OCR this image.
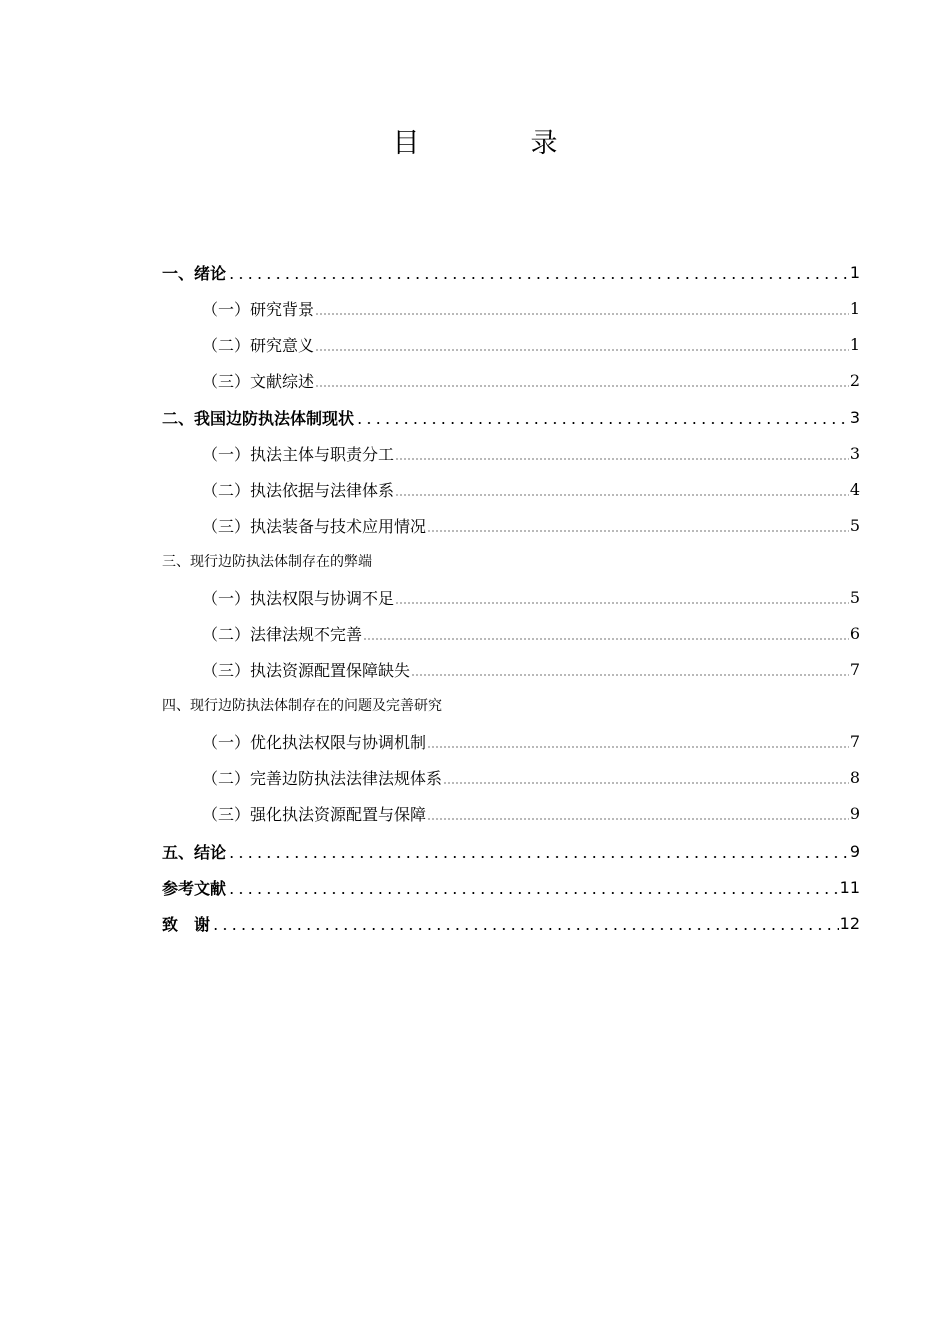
目　录
一、绪论	1
（一）研究背景	1
（二）研究意义	1
（三）文献综述	2
二、我国边防执法体制现状	3
（一）执法主体与职责分工	3
（二）执法依据与法律体系	4
（三）执法装备与技术应用情况	5
三、现行边防执法体制存在的弊端
（一）执法权限与协调不足	5
（二）法律法规不完善	6
（三）执法资源配置保障缺失	7
四、现行边防执法体制存在的问题及完善研究
（一）优化执法权限与协调机制	7
（二）完善边防执法法律法规体系	8
（三）强化执法资源配置与保障	9
五、结论	9
参考文献	11
致　谢	12
